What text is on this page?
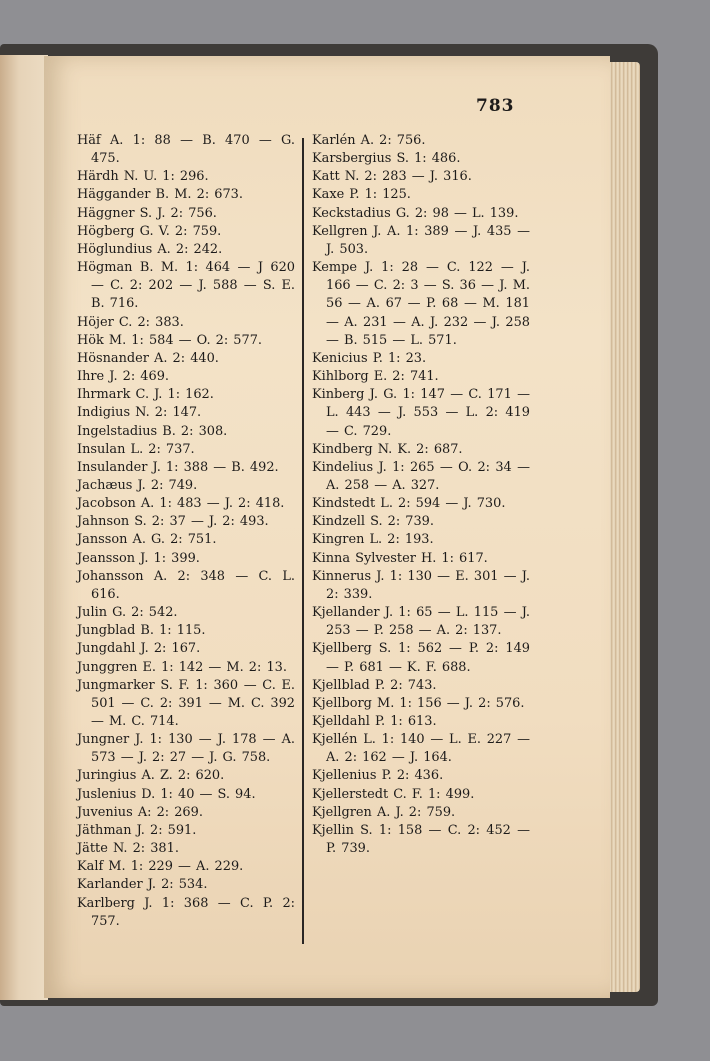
783

Häf A. 1: 88 — B. 470 — G. 475.

Härdh N. U. 1: 296.

Häggander B. M. 2: 673.

Häggner S. J. 2: 756.

Högberg G. V. 2: 759.

Höglundius A. 2: 242.

Högman B. M. 1: 464 — J 620 — C. 2: 202 — J. 588 — S. E. B. 716.

Höjer C. 2: 383.

Hök M. 1: 584 — O. 2: 577.

Hösnander A. 2: 440.

Ihre J. 2: 469.

Ihrmark C. J. 1: 162.

Indigius N. 2: 147.

Ingelstadius B. 2: 308.

Insulan L. 2: 737.

Insulander J. 1: 388 — B. 492.

Jachæus J. 2: 749.

Jacobson A. 1: 483 — J. 2: 418.

Jahnson S. 2: 37 — J. 2: 493.

Jansson A. G. 2: 751.

Jeansson J. 1: 399.

Johansson A. 2: 348 — C. L. 616.

Julin G. 2: 542.

Jungblad B. 1: 115.

Jungdahl J. 2: 167.

Junggren E. 1: 142 — M. 2: 13.

Jungmarker S. F. 1: 360 — C. E. 501 — C. 2: 391 — M. C. 392 — M. C. 714.

Jungner J. 1: 130 — J. 178 — A. 573 — J. 2: 27 — J. G. 758.

Juringius A. Z. 2: 620.

Juslenius D. 1: 40 — S. 94.

Juvenius A: 2: 269.

Jäthman J. 2: 591.

Jätte N. 2: 381.

Kalf M. 1: 229 — A. 229.

Karlander J. 2: 534.

Karlberg J. 1: 368 — C. P. 2: 757.

Karlén A. 2: 756.

Karsbergius S. 1: 486.

Katt N. 2: 283 — J. 316.

Kaxe P. 1: 125.

Keckstadius G. 2: 98 — L. 139.

Kellgren J. A. 1: 389 — J. 435 — J. 503.

Kempe J. 1: 28 — C. 122 — J. 166 — C. 2: 3 — S. 36 — J. M. 56 — A. 67 — P. 68 — M. 181 — A. 231 — A. J. 232 — J. 258 — B. 515 — L. 571.

Kenicius P. 1: 23.

Kihlborg E. 2: 741.

Kinberg J. G. 1: 147 — C. 171 — L. 443 — J. 553 — L. 2: 419 — C. 729.

Kindberg N. K. 2: 687.

Kindelius J. 1: 265 — O. 2: 34 — A. 258 — A. 327.

Kindstedt L. 2: 594 — J. 730.

Kindzell S. 2: 739.

Kingren L. 2: 193.

Kinna Sylvester H. 1: 617.

Kinnerus J. 1: 130 — E. 301 — J. 2: 339.

Kjellander J. 1: 65 — L. 115 — J. 253 — P. 258 — A. 2: 137.

Kjellberg S. 1: 562 — P. 2: 149 — P. 681 — K. F. 688.

Kjellblad P. 2: 743.

Kjellborg M. 1: 156 — J. 2: 576.

Kjelldahl P. 1: 613.

Kjellén L. 1: 140 — L. E. 227 — A. 2: 162 — J. 164.

Kjellenius P. 2: 436.

Kjellerstedt C. F. 1: 499.

Kjellgren A. J. 2: 759.

Kjellin S. 1: 158 — C. 2: 452 — P. 739.
